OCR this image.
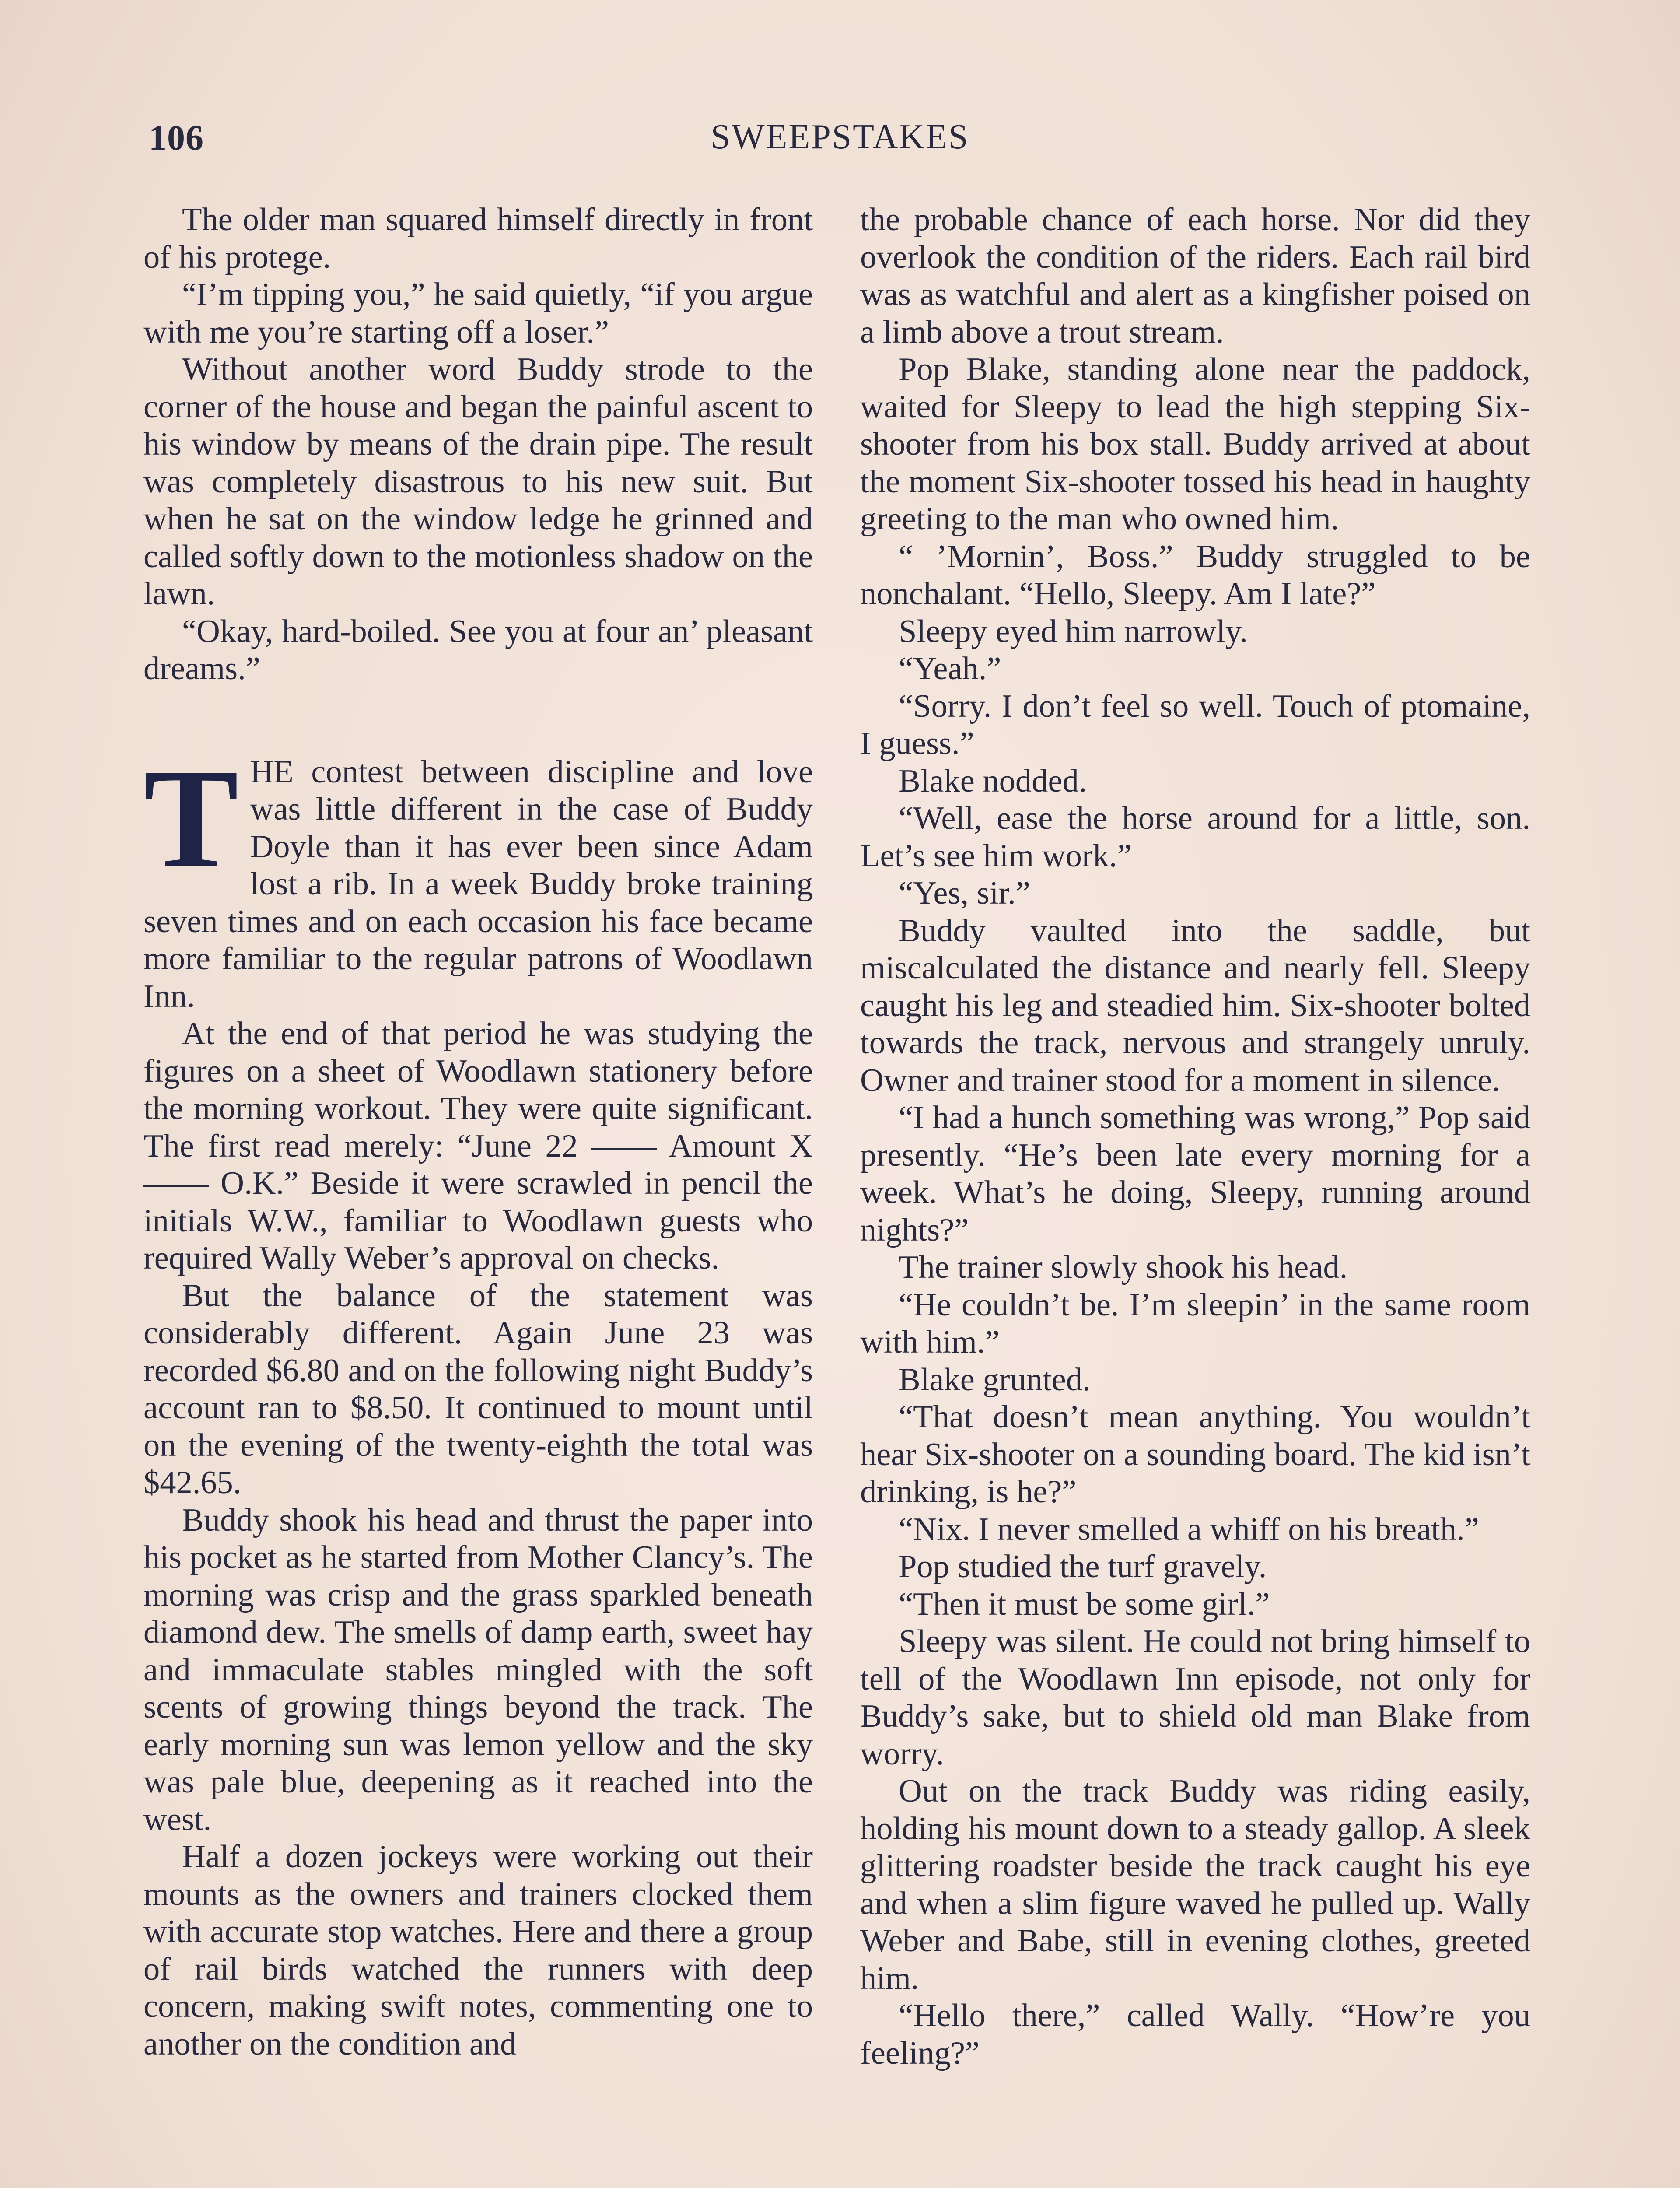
106	SWEEPSTAKES

The older man squared himself directly in front of his protege.

“I’m tipping you,” he said quietly, “if you argue with me you’re starting off a loser.”

Without another word Buddy strode to the corner of the house and began the painful ascent to his window by means of the drain pipe. The result was completely disastrous to his new suit. But when he sat on the window ledge he grinned and called softly down to the motionless shadow on the lawn.

“Okay, hard-boiled. See you at four an’ pleasant dreams.”

THE contest between discipline and love was little different in the case of Buddy Doyle than it has ever been since Adam lost a rib. In a week Buddy broke training seven times and on each occasion his face became more familiar to the regular patrons of Woodlawn Inn.

At the end of that period he was studying the figures on a sheet of Woodlawn stationery before the morning workout. They were quite significant. The first read merely: “June 22 —— Amount X —— O.K.” Beside it were scrawled in pencil the initials W.W., familiar to Woodlawn guests who required Wally Weber’s approval on checks.

But the balance of the statement was considerably different. Again June 23 was recorded $6.80 and on the following night Buddy’s account ran to $8.50. It continued to mount until on the evening of the twenty-eighth the total was $42.65.

Buddy shook his head and thrust the paper into his pocket as he started from Mother Clancy’s. The morning was crisp and the grass sparkled beneath diamond dew. The smells of damp earth, sweet hay and immaculate stables mingled with the soft scents of growing things beyond the track. The early morning sun was lemon yellow and the sky was pale blue, deepening as it reached into the west.

Half a dozen jockeys were working out their mounts as the owners and trainers clocked them with accurate stop watches. Here and there a group of rail birds watched the runners with deep concern, making swift notes, commenting one to another on the condition and

the probable chance of each horse. Nor did they overlook the condition of the riders. Each rail bird was as watchful and alert as a kingfisher poised on a limb above a trout stream.

Pop Blake, standing alone near the paddock, waited for Sleepy to lead the high stepping Six-shooter from his box stall. Buddy arrived at about the moment Six-shooter tossed his head in haughty greeting to the man who owned him.

“ ’Mornin’, Boss.” Buddy struggled to be nonchalant. “Hello, Sleepy. Am I late?”

Sleepy eyed him narrowly.

“Yeah.”

“Sorry. I don’t feel so well. Touch of ptomaine, I guess.”

Blake nodded.

“Well, ease the horse around for a little, son. Let’s see him work.”

“Yes, sir.”

Buddy vaulted into the saddle, but miscalculated the distance and nearly fell. Sleepy caught his leg and steadied him. Six-shooter bolted towards the track, nervous and strangely unruly. Owner and trainer stood for a moment in silence.

“I had a hunch something was wrong,” Pop said presently. “He’s been late every morning for a week. What’s he doing, Sleepy, running around nights?”

The trainer slowly shook his head.

“He couldn’t be. I’m sleepin’ in the same room with him.”

Blake grunted.

“That doesn’t mean anything. You wouldn’t hear Six-shooter on a sounding board. The kid isn’t drinking, is he?”

“Nix. I never smelled a whiff on his breath.”

Pop studied the turf gravely.

“Then it must be some girl.”

Sleepy was silent. He could not bring himself to tell of the Woodlawn Inn episode, not only for Buddy’s sake, but to shield old man Blake from worry.

Out on the track Buddy was riding easily, holding his mount down to a steady gallop. A sleek glittering roadster beside the track caught his eye and when a slim figure waved he pulled up. Wally Weber and Babe, still in evening clothes, greeted him.

“Hello there,” called Wally. “How’re you feeling?”
